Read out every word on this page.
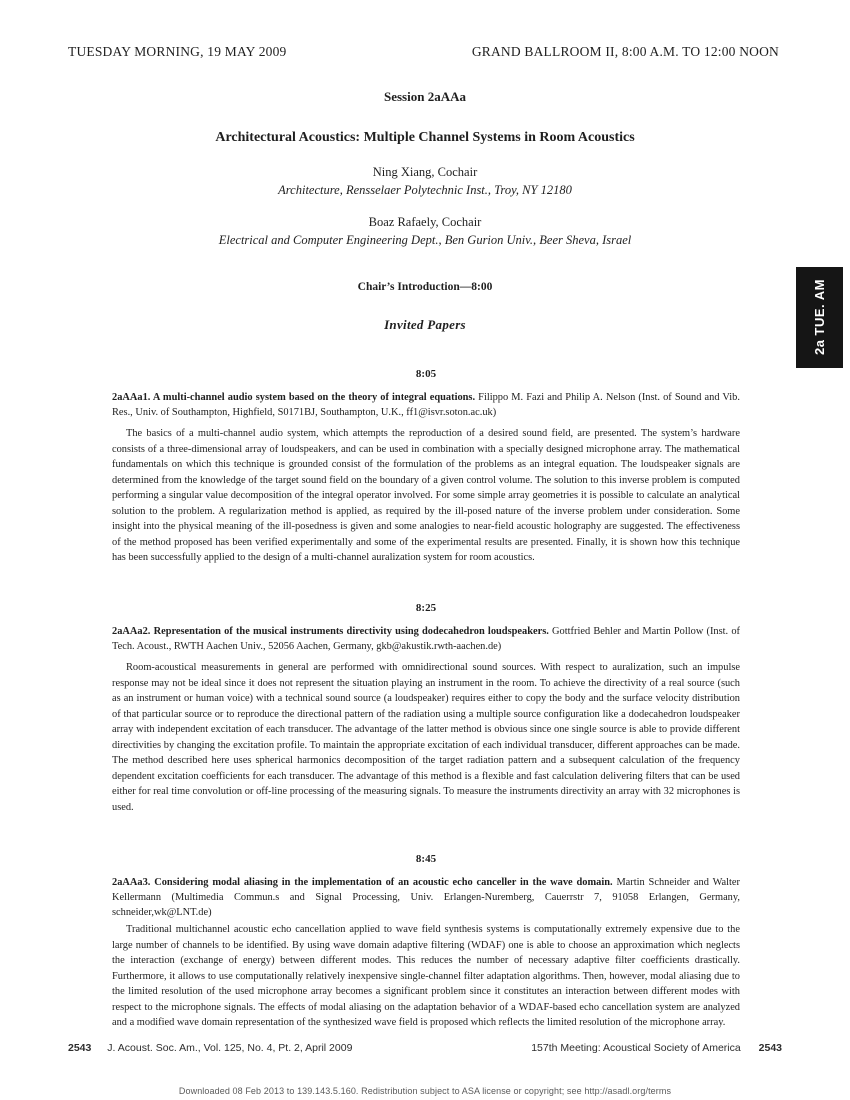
TUESDAY MORNING, 19 MAY 2009	GRAND BALLROOM II, 8:00 A.M. TO 12:00 NOON
Session 2aAAa
Architectural Acoustics: Multiple Channel Systems in Room Acoustics
Ning Xiang, Cochair
Architecture, Rensselaer Polytechnic Inst., Troy, NY 12180
Boaz Rafaely, Cochair
Electrical and Computer Engineering Dept., Ben Gurion Univ., Beer Sheva, Israel
Chair’s Introduction—8:00
Invited Papers	2a TUE. AM
8:05

2aAAa1. A multi-channel audio system based on the theory of integral equations. Filippo M. Fazi and Philip A. Nelson (Inst. of Sound and Vib. Res., Univ. of Southampton, Highfield, S0171BJ, Southampton, U.K., ff1@isvr.soton.ac.uk)

The basics of a multi-channel audio system, which attempts the reproduction of a desired sound field, are presented. The system’s hardware consists of a three-dimensional array of loudspeakers, and can be used in combination with a specially designed microphone array. The mathematical fundamentals on which this technique is grounded consist of the formulation of the problems as an integral equation. The loudspeaker signals are determined from the knowledge of the target sound field on the boundary of a given control volume. The solution to this inverse problem is computed performing a singular value decomposition of the integral operator involved. For some simple array geometries it is possible to calculate an analytical solution to the problem. A regularization method is applied, as required by the ill-posed nature of the inverse problem under consideration. Some insight into the physical meaning of the ill-posedness is given and some analogies to near-field acoustic holography are suggested. The effectiveness of the method proposed has been verified experimentally and some of the experimental results are presented. Finally, it is shown how this technique has been successfully applied to the design of a multi-channel auralization system for room acoustics.

8:25

2aAAa2. Representation of the musical instruments directivity using dodecahedron loudspeakers. Gottfried Behler and Martin Pollow (Inst. of Tech. Acoust., RWTH Aachen Univ., 52056 Aachen, Germany, gkb@akustik.rwth-aachen.de)

Room-acoustical measurements in general are performed with omnidirectional sound sources. With respect to auralization, such an impulse response may not be ideal since it does not represent the situation playing an instrument in the room. To achieve the directivity of a real source (such as an instrument or human voice) with a technical sound source (a loudspeaker) requires either to copy the body and the surface velocity distribution of that particular source or to reproduce the directional pattern of the radiation using a multiple source configuration like a dodecahedron loudspeaker array with independent excitation of each transducer. The advantage of the latter method is obvious since one single source is able to provide different directivities by changing the excitation profile. To maintain the appropriate excitation of each individual transducer, different approaches can be made. The method described here uses spherical harmonics decomposition of the target radiation pattern and a subsequent calculation of the frequency dependent excitation coefficients for each transducer. The advantage of this method is a flexible and fast calculation delivering filters that can be used either for real time convolution or off-line processing of the measuring signals. To measure the instruments directivity an array with 32 microphones is used.

8:45

2aAAa3. Considering modal aliasing in the implementation of an acoustic echo canceller in the wave domain. Martin Schneider and Walter Kellermann (Multimedia Commun.s and Signal Processing, Univ. Erlangen-Nuremberg, Cauerrstr 7, 91058 Erlangen, Germany, schneider,wk@LNT.de)

Traditional multichannel acoustic echo cancellation applied to wave field synthesis systems is computationally extremely expensive due to the large number of channels to be identified. By using wave domain adaptive filtering (WDAF) one is able to choose an approximation which neglects the interaction (exchange of energy) between different modes. This reduces the number of necessary adaptive filter coefficients drastically. Furthermore, it allows to use computationally relatively inexpensive single-channel filter adaptation algorithms. Then, however, modal aliasing due to the limited resolution of the used microphone array becomes a significant problem since it constitutes an interaction between different modes with respect to the microphone signals. The effects of modal aliasing on the adaptation behavior of a WDAF-based echo cancellation system are analyzed and a modified wave domain representation of the synthesized wave field is proposed which reflects the limited resolution of the microphone array.

2543 J. Acoust. Soc. Am., Vol. 125, No. 4, Pt. 2, April 2009	157th Meeting: Acoustical Society of America 2543
Downloaded 08 Feb 2013 to 139.143.5.160. Redistribution subject to ASA license or copyright; see http://asadl.org/terms
